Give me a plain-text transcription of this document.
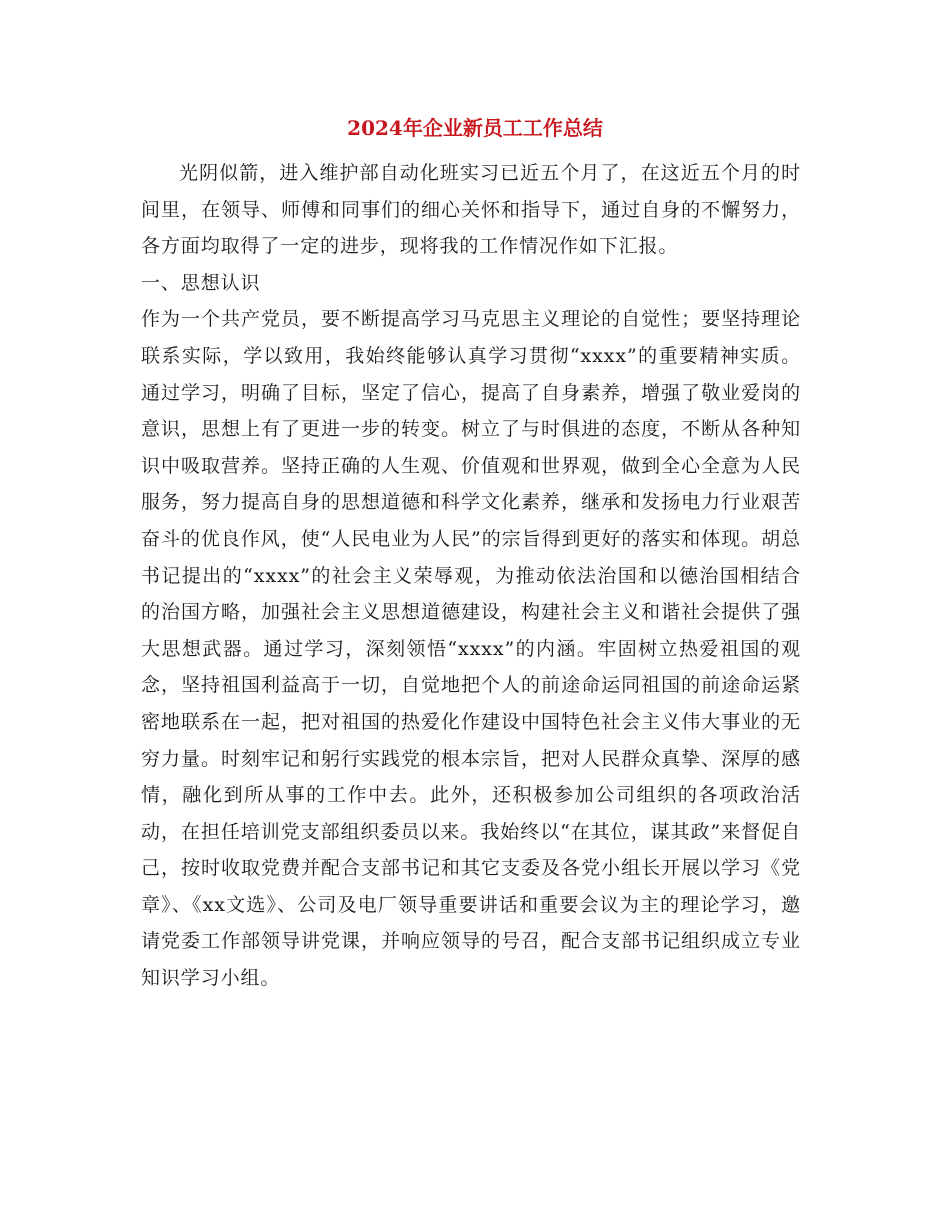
2024年企业新员工工作总结

光阴似箭，进入维护部自动化班实习已近五个月了，在这近五个月的时间里，在领导、师傅和同事们的细心关怀和指导下，通过自身的不懈努力，各方面均取得了一定的进步，现将我的工作情况作如下汇报。

一、思想认识

作为一个共产党员，要不断提高学习马克思主义理论的自觉性；要坚持理论联系实际，学以致用，我始终能够认真学习贯彻“xxxx”的重要精神实质。通过学习，明确了目标，坚定了信心，提高了自身素养，增强了敬业爱岗的意识，思想上有了更进一步的转变。树立了与时俱进的态度，不断从各种知识中吸取营养。坚持正确的人生观、价值观和世界观，做到全心全意为人民服务，努力提高自身的思想道德和科学文化素养，继承和发扬电力行业艰苦奋斗的优良作风，使“人民电业为人民”的宗旨得到更好的落实和体现。胡总书记提出的“xxxx”的社会主义荣辱观，为推动依法治国和以德治国相结合的治国方略，加强社会主义思想道德建设，构建社会主义和谐社会提供了强大思想武器。通过学习，深刻领悟“xxxx”的内涵。牢固树立热爱祖国的观念，坚持祖国利益高于一切，自觉地把个人的前途命运同祖国的前途命运紧密地联系在一起，把对祖国的热爱化作建设中国特色社会主义伟大事业的无穷力量。时刻牢记和躬行实践党的根本宗旨，把对人民群众真挚、深厚的感情，融化到所从事的工作中去。此外，还积极参加公司组织的各项政治活动，在担任培训党支部组织委员以来。我始终以“在其位，谋其政”来督促自己，按时收取党费并配合支部书记和其它支委及各党小组长开展以学习《党章》、《xx文选》、公司及电厂领导重要讲话和重要会议为主的理论学习，邀请党委工作部领导讲党课，并响应领导的号召，配合支部书记组织成立专业知识学习小组。
